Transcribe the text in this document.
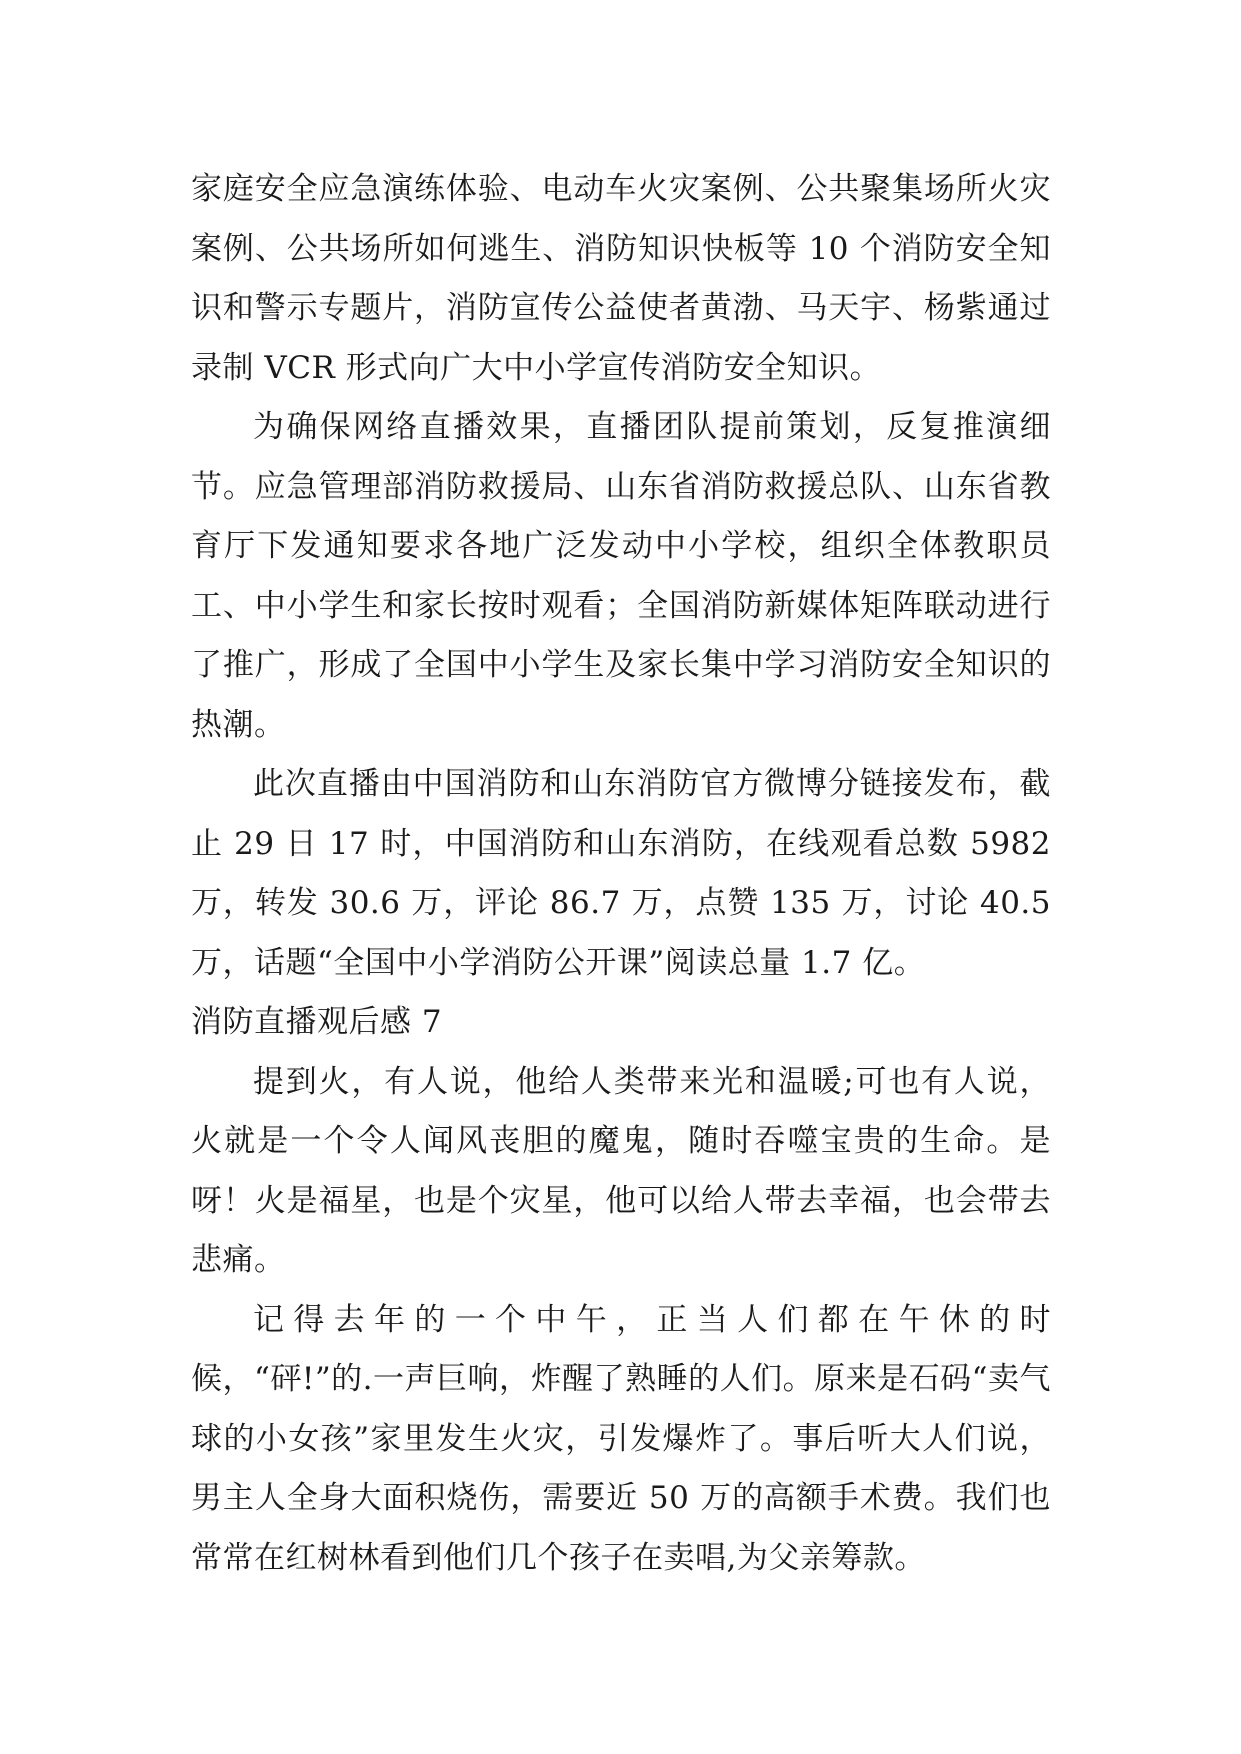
家庭安全应急演练体验、电动车火灾案例、公共聚集场所火灾案例、公共场所如何逃生、消防知识快板等 10 个消防安全知识和警示专题片，消防宣传公益使者黄渤、马天宇、杨紫通过录制 VCR 形式向广大中小学宣传消防安全知识。

为确保网络直播效果，直播团队提前策划，反复推演细节。应急管理部消防救援局、山东省消防救援总队、山东省教育厅下发通知要求各地广泛发动中小学校，组织全体教职员工、中小学生和家长按时观看；全国消防新媒体矩阵联动进行了推广，形成了全国中小学生及家长集中学习消防安全知识的热潮。

此次直播由中国消防和山东消防官方微博分链接发布，截止 29 日 17 时，中国消防和山东消防，在线观看总数 5982 万，转发 30.6 万，评论 86.7 万，点赞 135 万，讨论 40.5 万，话题“全国中小学消防公开课”阅读总量 1.7 亿。

消防直播观后感 7

提到火，有人说，他给人类带来光和温暖;可也有人说，火就是一个令人闻风丧胆的魔鬼，随时吞噬宝贵的生命。是呀！火是福星，也是个灾星，他可以给人带去幸福，也会带去悲痛。

记得去年的一个中午，正当人们都在午休的时候，“砰!”的.一声巨响，炸醒了熟睡的人们。原来是石码“卖气球的小女孩”家里发生火灾，引发爆炸了。事后听大人们说，男主人全身大面积烧伤，需要近 50 万的高额手术费。我们也常常在红树林看到他们几个孩子在卖唱,为父亲筹款。
